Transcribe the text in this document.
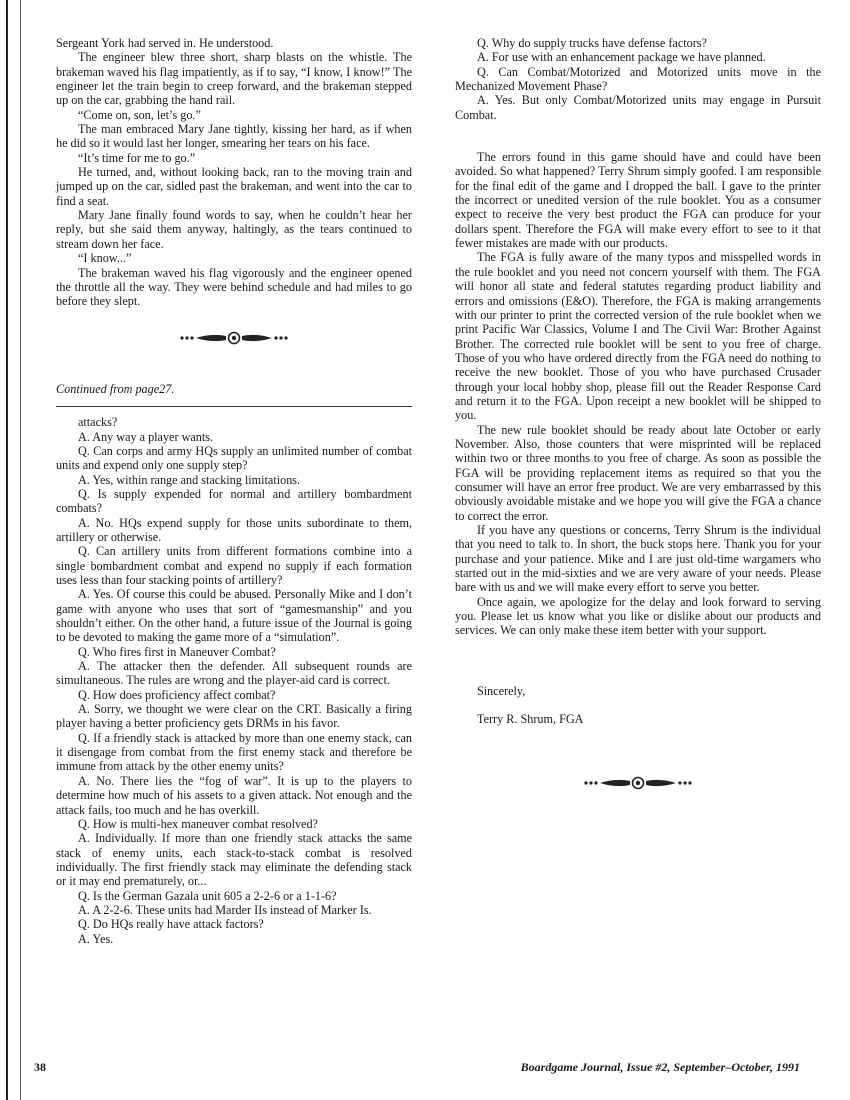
Sergeant York had served in. He understood.

The engineer blew three short, sharp blasts on the whistle. The brakeman waved his flag impatiently, as if to say, “I know, I know!” The engineer let the train begin to creep forward, and the brakeman stepped up on the car, grabbing the hand rail.

“Come on, son, let’s go.”

The man embraced Mary Jane tightly, kissing her hard, as if when he did so it would last her longer, smearing her tears on his face.

“It’s time for me to go.”

He turned, and, without looking back, ran to the moving train and jumped up on the car, sidled past the brakeman, and went into the car to find a seat.

Mary Jane finally found words to say, when he couldn’t hear her reply, but she said them anyway, haltingly, as the tears continued to stream down her face.

“I know...”

The brakeman waved his flag vigorously and the engineer opened the throttle all the way. They were behind schedule and had miles to go before they slept.

Continued from page27.

attacks?

A. Any way a player wants.

Q. Can corps and army HQs supply an unlimited number of combat units and expend only one supply step?

A. Yes, within range and stacking limitations.

Q. Is supply expended for normal and artillery bombardment combats?

A. No. HQs expend supply for those units subordinate to them, artillery or otherwise.

Q. Can artillery units from different formations combine into a single bombardment combat and expend no supply if each formation uses less than four stacking points of artillery?

A. Yes. Of course this could be abused. Personally Mike and I don’t game with anyone who uses that sort of “gamesmanship” and you shouldn’t either. On the other hand, a future issue of the Journal is going to be devoted to making the game more of a “simulation”.

Q. Who fires first in Maneuver Combat?

A. The attacker then the defender. All subsequent rounds are simultaneous. The rules are wrong and the player-aid card is correct.

Q. How does proficiency affect combat?

A. Sorry, we thought we were clear on the CRT. Basically a firing player having a better proficiency gets DRMs in his favor.

Q. If a friendly stack is attacked by more than one enemy stack, can it disengage from combat from the first enemy stack and therefore be immune from attack by the other enemy units?

A. No. There lies the “fog of war”. It is up to the players to determine how much of his assets to a given attack. Not enough and the attack fails, too much and he has overkill.

Q. How is multi-hex maneuver combat resolved?

A. Individually. If more than one friendly stack attacks the same stack of enemy units, each stack-to-stack combat is resolved individually. The first friendly stack may eliminate the defending stack or it may end prematurely, or...

Q. Is the German Gazala unit 605 a 2-2-6 or a 1-1-6?

A. A 2-2-6. These units had Marder IIs instead of Marker Is.

Q. Do HQs really have attack factors?

A. Yes.

Q. Why do supply trucks have defense factors?

A. For use with an enhancement package we have planned.

Q. Can Combat/Motorized and Motorized units move in the Mechanized Movement Phase?

A. Yes. But only Combat/Motorized units may engage in Pursuit Combat.

The errors found in this game should have and could have been avoided. So what happened? Terry Shrum simply goofed. I am responsible for the final edit of the game and I dropped the ball. I gave to the printer the incorrect or unedited version of the rule booklet. You as a consumer expect to receive the very best product the FGA can produce for your dollars spent. Therefore the FGA will make every effort to see to it that fewer mistakes are made with our products.

The FGA is fully aware of the many typos and misspelled words in the rule booklet and you need not concern yourself with them. The FGA will honor all state and federal statutes regarding product liability and errors and omissions (E&O). Therefore, the FGA is making arrangements with our printer to print the corrected version of the rule booklet when we print Pacific War Classics, Volume I and The Civil War: Brother Against Brother. The corrected rule booklet will be sent to you free of charge. Those of you who have ordered directly from the FGA need do nothing to receive the new booklet. Those of you who have purchased Crusader through your local hobby shop, please fill out the Reader Response Card and return it to the FGA. Upon receipt a new booklet will be shipped to you.

The new rule booklet should be ready about late October or early November. Also, those counters that were misprinted will be replaced within two or three months to you free of charge. As soon as possible the FGA will be providing replacement items as required so that you the consumer will have an error free product. We are very embarrassed by this obviously avoidable mistake and we hope you will give the FGA a chance to correct the error.

If you have any questions or concerns, Terry Shrum is the individual that you need to talk to. In short, the buck stops here. Thank you for your purchase and your patience. Mike and I are just old-time wargamers who started out in the mid-sixties and we are very aware of your needs. Please bare with us and we will make every effort to serve you better.

Once again, we apologize for the delay and look forward to serving you. Please let us know what you like or dislike about our products and services. We can only make these item better with your support.

Sincerely,

Terry R. Shrum, FGA

38	Boardgame Journal, Issue #2, September–October, 1991
